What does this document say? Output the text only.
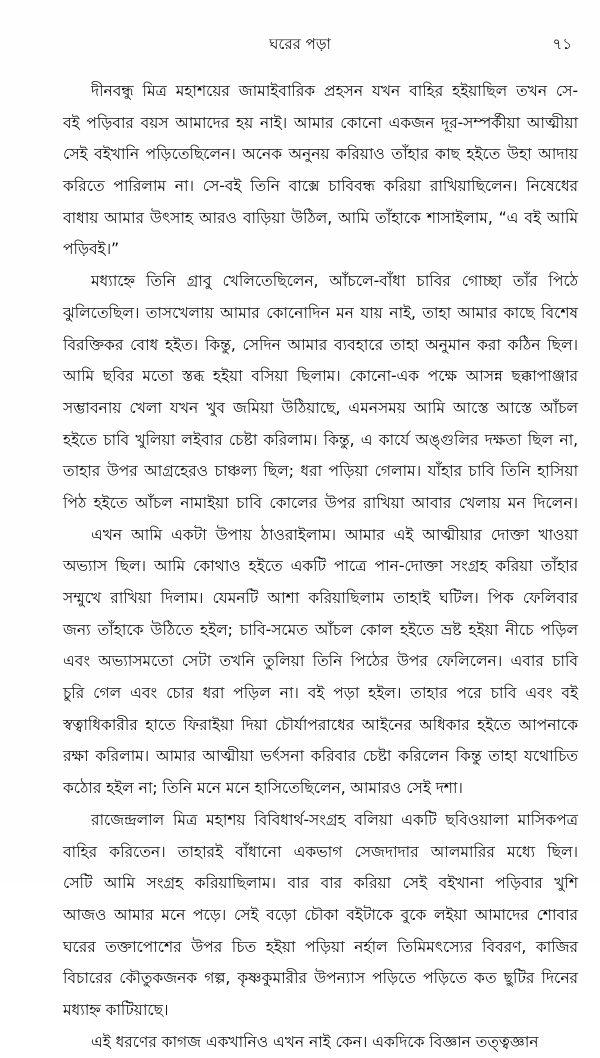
ঘরের পড়া	৭১
দীনবন্ধু মিত্র মহাশয়ের জামাইবারিক প্রহসন যখন বাহির হইয়াছিল তখন সে-
বই পড়িবার বয়স আমাদের হয় নাই। আমার কোনো একজন দূর-সম্পর্কীয়া আত্মীয়া
সেই বইখানি পড়িতেছিলেন। অনেক অনুনয় করিয়াও তাঁহার কাছ হইতে উহা আদায়
করিতে পারিলাম না। সে-বই তিনি বাক্সে চাবিবন্ধ করিয়া রাখিয়াছিলেন। নিষেধের
বাধায় আমার উৎসাহ আরও বাড়িয়া উঠিল, আমি তাঁহাকে শাসাইলাম, “এ বই আমি
পড়িবই।”
মধ্যাহ্নে তিনি গ্রাবু খেলিতেছিলেন, আঁচলে-বাঁধা চাবির গোচ্ছা তাঁর পিঠে
ঝুলিতেছিল। তাসখেলায় আমার কোনোদিন মন যায় নাই, তাহা আমার কাছে বিশেষ
বিরক্তিকর বোধ হইত। কিন্তু, সেদিন আমার ব্যবহারে তাহা অনুমান করা কঠিন ছিল।
আমি ছবির মতো স্তব্ধ হইয়া বসিয়া ছিলাম। কোনো-এক পক্ষে আসন্ন ছক্কাপাঞ্জার
সম্ভাবনায় খেলা যখন খুব জমিয়া উঠিয়াছে, এমনসময় আমি আস্তে আস্তে আঁচল
হইতে চাবি খুলিয়া লইবার চেষ্টা করিলাম। কিন্তু, এ কার্যে অঙ্গুলির দক্ষতা ছিল না,
তাহার উপর আগ্রহেরও চাঞ্চল্য ছিল; ধরা পড়িয়া গেলাম। যাঁহার চাবি তিনি হাসিয়া
পিঠ হইতে আঁচল নামাইয়া চাবি কোলের উপর রাখিয়া আবার খেলায় মন দিলেন।
এখন আমি একটা উপায় ঠাওরাইলাম। আমার এই আত্মীয়ার দোক্তা খাওয়া
অভ্যাস ছিল। আমি কোথাও হইতে একটি পাত্রে পান-দোক্তা সংগ্রহ করিয়া তাঁহার
সম্মুখে রাখিয়া দিলাম। যেমনটি আশা করিয়াছিলাম তাহাই ঘটিল। পিক ফেলিবার
জন্য তাঁহাকে উঠিতে হইল; চাবি-সমেত আঁচল কোল হইতে ভ্রষ্ট হইয়া নীচে পড়িল
এবং অভ্যাসমতো সেটা তখনি তুলিয়া তিনি পিঠের উপর ফেলিলেন। এবার চাবি
চুরি গেল এবং চোর ধরা পড়িল না। বই পড়া হইল। তাহার পরে চাবি এবং বই
স্বত্বাধিকারীর হাতে ফিরাইয়া দিয়া চৌর্যাপরাধের আইনের অধিকার হইতে আপনাকে
রক্ষা করিলাম। আমার আত্মীয়া ভর্ৎসনা করিবার চেষ্টা করিলেন কিন্তু তাহা যথোচিত
কঠোর হইল না; তিনি মনে মনে হাসিতেছিলেন, আমারও সেই দশা।
রাজেন্দ্রলাল মিত্র মহাশয় বিবিধার্থ-সংগ্রহ বলিয়া একটি ছবিওয়ালা মাসিকপত্র
বাহির করিতেন। তাহারই বাঁধানো একভাগ সেজদাদার আলমারির মধ্যে ছিল।
সেটি আমি সংগ্রহ করিয়াছিলাম। বার বার করিয়া সেই বইখানা পড়িবার খুশি
আজও আমার মনে পড়ে। সেই বড়ো চৌকা বইটাকে বুকে লইয়া আমাদের শোবার
ঘরের তক্তাপোশের উপর চিত হইয়া পড়িয়া নর্হাল তিমিমৎস্যের বিবরণ, কাজির
বিচারের কৌতুকজনক গল্প, কৃষ্ণকুমারীর উপন্যাস পড়িতে পড়িতে কত ছুটির দিনের
মধ্যাহ্ন কাটিয়াছে।
এই ধরণের কাগজ একখানিও এখন নাই কেন। একদিকে বিজ্ঞান তত্ত্বজ্ঞান
